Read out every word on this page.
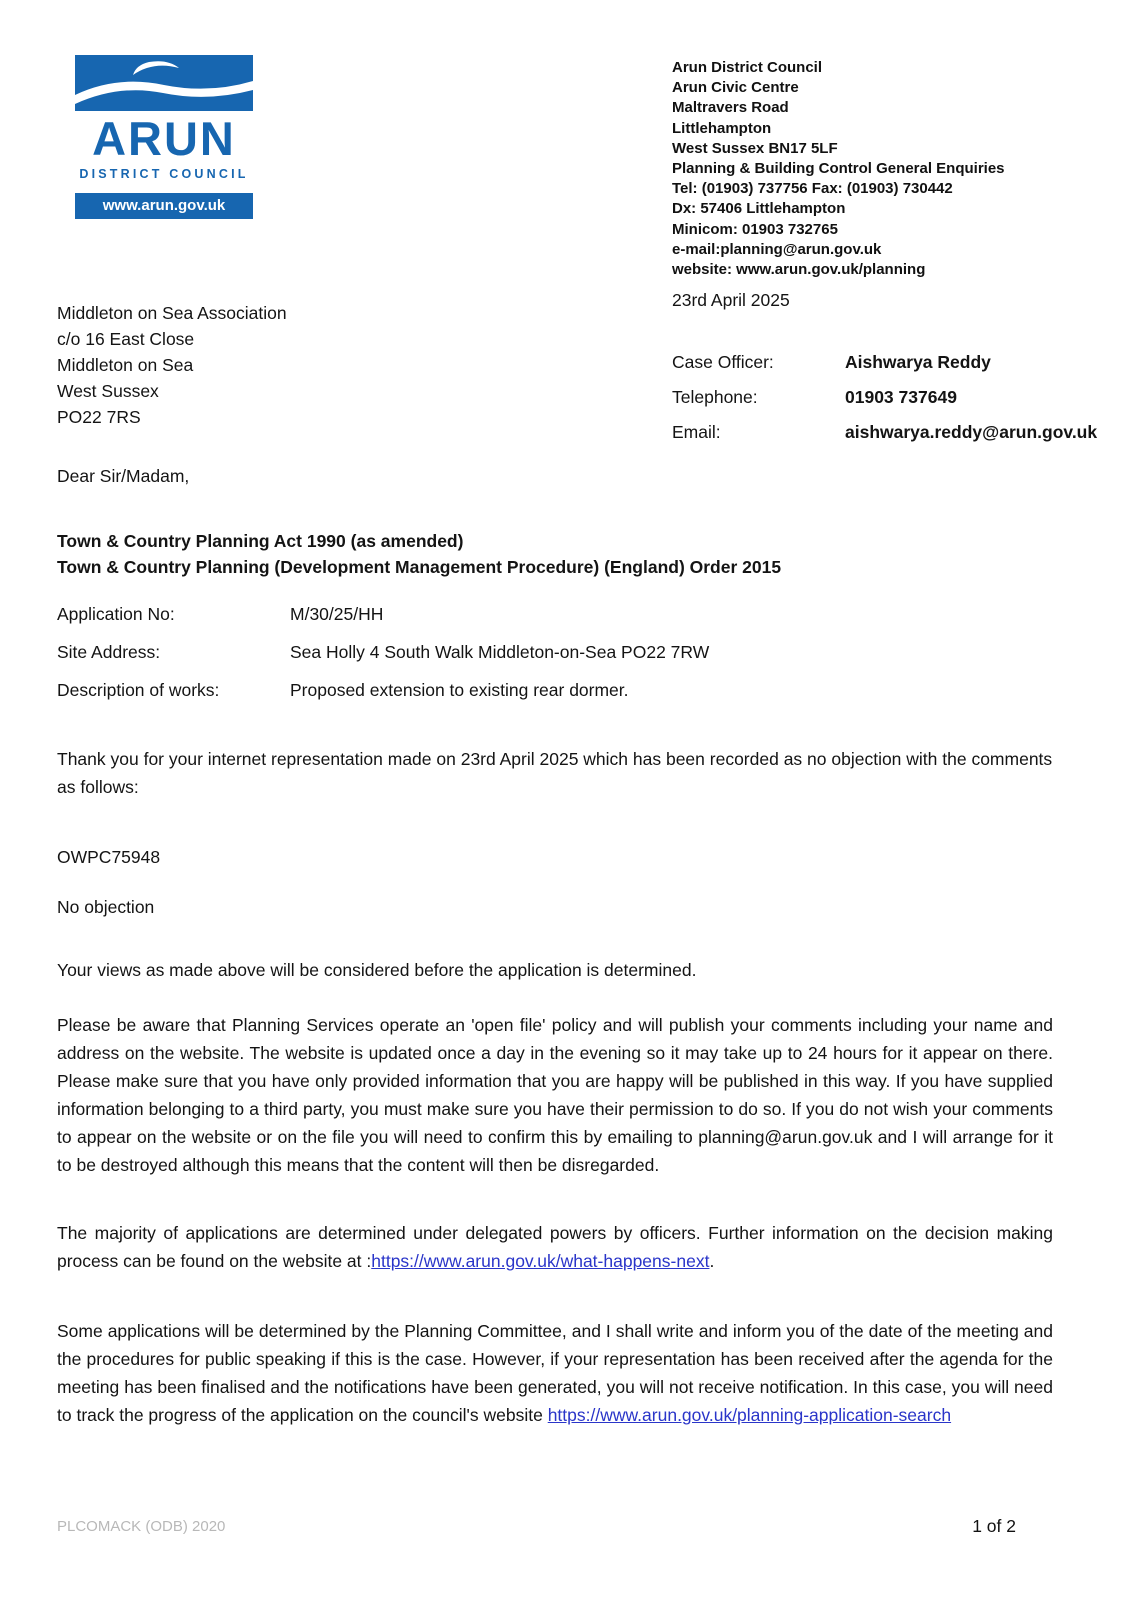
ARUN
DISTRICT COUNCIL
www.arun.gov.uk
Arun District Council
Arun Civic Centre
Maltravers Road
Littlehampton
West Sussex BN17 5LF
Planning & Building Control General Enquiries
Tel: (01903) 737756 Fax: (01903) 730442
Dx: 57406 Littlehampton
Minicom: 01903 732765
e-mail:planning@arun.gov.uk
website: www.arun.gov.uk/planning
23rd April 2025
Middleton on Sea Association
c/o 16 East Close
Middleton on Sea
West Sussex
PO22 7RS
Case Officer:	Aishwarya Reddy
Telephone:	01903 737649
Email:	aishwarya.reddy@arun.gov.uk
Dear Sir/Madam,
Town & Country Planning Act 1990 (as amended)
Town & Country Planning (Development Management Procedure) (England) Order 2015
Application No:	M/30/25/HH
Site Address:	Sea Holly 4 South Walk Middleton-on-Sea PO22 7RW
Description of works:	Proposed extension to existing rear dormer.

Thank you for your internet representation made on 23rd April 2025 which has been recorded as no objection with the comments as follows:

OWPC75948

No objection

Your views as made above will be considered before the application is determined.

Please be aware that Planning Services operate an 'open file' policy and will publish your comments including your name and address on the website. The website is updated once a day in the evening so it may take up to 24 hours for it appear on there. Please make sure that you have only provided information that you are happy will be published in this way. If you have supplied information belonging to a third party, you must make sure you have their permission to do so. If you do not wish your comments to appear on the website or on the file you will need to confirm this by emailing to planning@arun.gov.uk and I will arrange for it to be destroyed although this means that the content will then be disregarded.

The majority of applications are determined under delegated powers by officers. Further information on the decision making process can be found on the website at :https://www.arun.gov.uk/what-happens-next.

Some applications will be determined by the Planning Committee, and I shall write and inform you of the date of the meeting and the procedures for public speaking if this is the case. However, if your representation has been received after the agenda for the meeting has been finalised and the notifications have been generated, you will not receive notification. In this case, you will need to track the progress of the application on the council's website https://www.arun.gov.uk/planning-application-search

PLCOMACK (ODB) 2020	1 of 2
